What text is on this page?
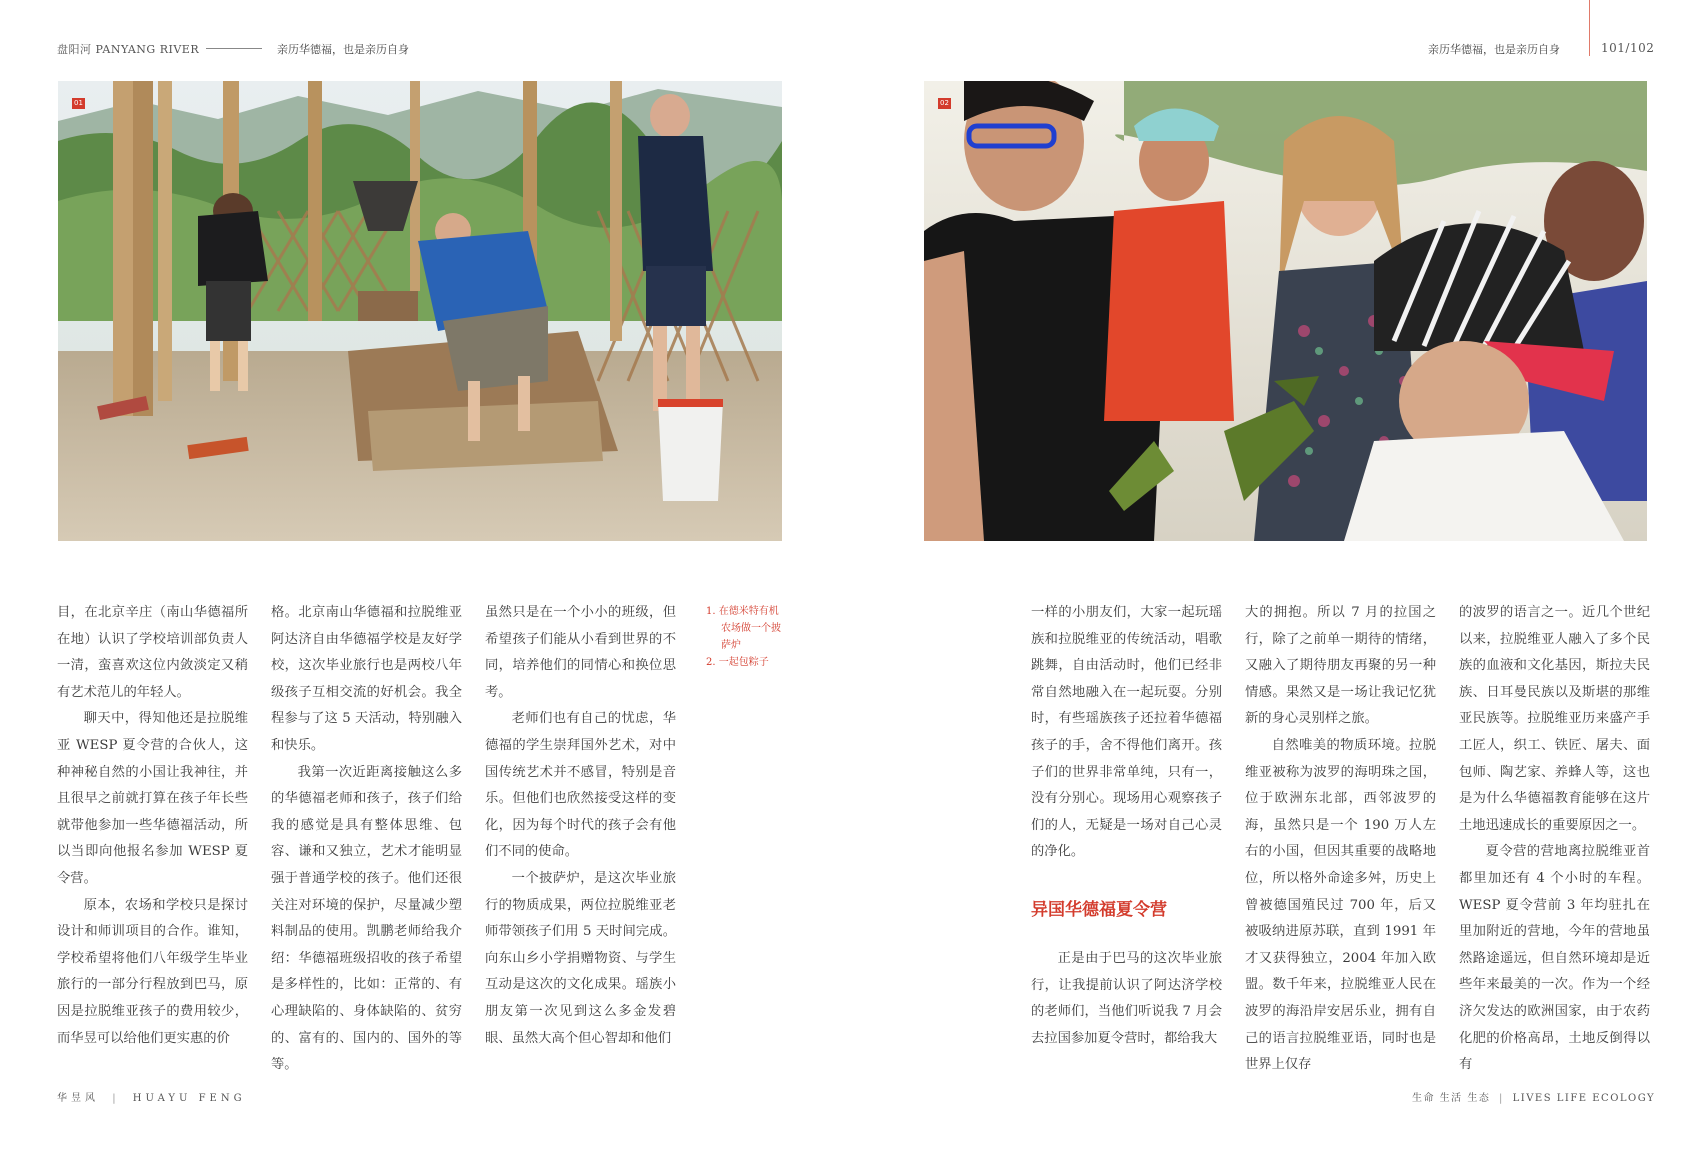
盘阳河 PANYANG RIVER	亲历华德福，也是亲历自身	亲历华德福，也是亲历自身	101/102
01	02

目，在北京辛庄（南山华德福所在地）认识了学校培训部负责人一清，蛮喜欢这位内敛淡定又稍有艺术范儿的年轻人。

聊天中，得知他还是拉脱维亚 WESP 夏令营的合伙人，这种神秘自然的小国让我神往，并且很早之前就打算在孩子年长些就带他参加一些华德福活动，所以当即向他报名参加 WESP 夏令营。

原本，农场和学校只是探讨设计和师训项目的合作。谁知，学校希望将他们八年级学生毕业旅行的一部分行程放到巴马，原因是拉脱维亚孩子的费用较少，而华昱可以给他们更实惠的价

格。北京南山华德福和拉脱维亚阿达济自由华德福学校是友好学校，这次毕业旅行也是两校八年级孩子互相交流的好机会。我全程参与了这 5 天活动，特别融入和快乐。

我第一次近距离接触这么多的华德福老师和孩子，孩子们给我的感觉是具有整体思维、包容、谦和又独立，艺术才能明显强于普通学校的孩子。他们还很关注对环境的保护，尽量减少塑料制品的使用。凯鹏老师给我介绍：华德福班级招收的孩子希望是多样性的，比如：正常的、有心理缺陷的、身体缺陷的、贫穷的、富有的、国内的、国外的等等。

虽然只是在一个小小的班级，但希望孩子们能从小看到世界的不同，培养他们的同情心和换位思考。

老师们也有自己的忧虑，华德福的学生崇拜国外艺术，对中国传统艺术并不感冒，特别是音乐。但他们也欣然接受这样的变化，因为每个时代的孩子会有他们不同的使命。

一个披萨炉，是这次毕业旅行的物质成果，两位拉脱维亚老师带领孩子们用 5 天时间完成。向东山乡小学捐赠物资、与学生互动是这次的文化成果。瑶族小朋友第一次见到这么多金发碧眼、虽然大高个但心智却和他们

1. 在德米特有机农场做一个披萨炉
2. 一起包粽子

一样的小朋友们，大家一起玩瑶族和拉脱维亚的传统活动，唱歌跳舞，自由活动时，他们已经非常自然地融入在一起玩耍。分别时，有些瑶族孩子还拉着华德福孩子的手，舍不得他们离开。孩子们的世界非常单纯，只有一，没有分别心。现场用心观察孩子们的人，无疑是一场对自己心灵的净化。

异国华德福夏令营

正是由于巴马的这次毕业旅行，让我提前认识了阿达济学校的老师们，当他们听说我 7 月会去拉国参加夏令营时，都给我大

大的拥抱。所以 7 月的拉国之行，除了之前单一期待的情绪，又融入了期待朋友再聚的另一种情感。果然又是一场让我记忆犹新的身心灵别样之旅。

自然唯美的物质环境。拉脱维亚被称为波罗的海明珠之国，位于欧洲东北部，西邻波罗的海，虽然只是一个 190 万人左右的小国，但因其重要的战略地位，所以格外命途多舛，历史上曾被德国殖民过 700 年，后又被吸纳进原苏联，直到 1991 年才又获得独立，2004 年加入欧盟。数千年来，拉脱维亚人民在波罗的海沿岸安居乐业，拥有自己的语言拉脱维亚语，同时也是世界上仅存

的波罗的语言之一。近几个世纪以来，拉脱维亚人融入了多个民族的血液和文化基因，斯拉夫民族、日耳曼民族以及斯堪的那维亚民族等。拉脱维亚历来盛产手工匠人，织工、铁匠、屠夫、面包师、陶艺家、养蜂人等，这也是为什么华德福教育能够在这片土地迅速成长的重要原因之一。

夏令营的营地离拉脱维亚首都里加还有 4 个小时的车程。WESP 夏令营前 3 年均驻扎在里加附近的营地，今年的营地虽然路途遥远，但自然环境却是近些年来最美的一次。作为一个经济欠发达的欧洲国家，由于农药化肥的价格高昂，土地反倒得以有

华昱风 | HUAYU FENG	生命 生活 生态 | LIVES LIFE ECOLOGY
